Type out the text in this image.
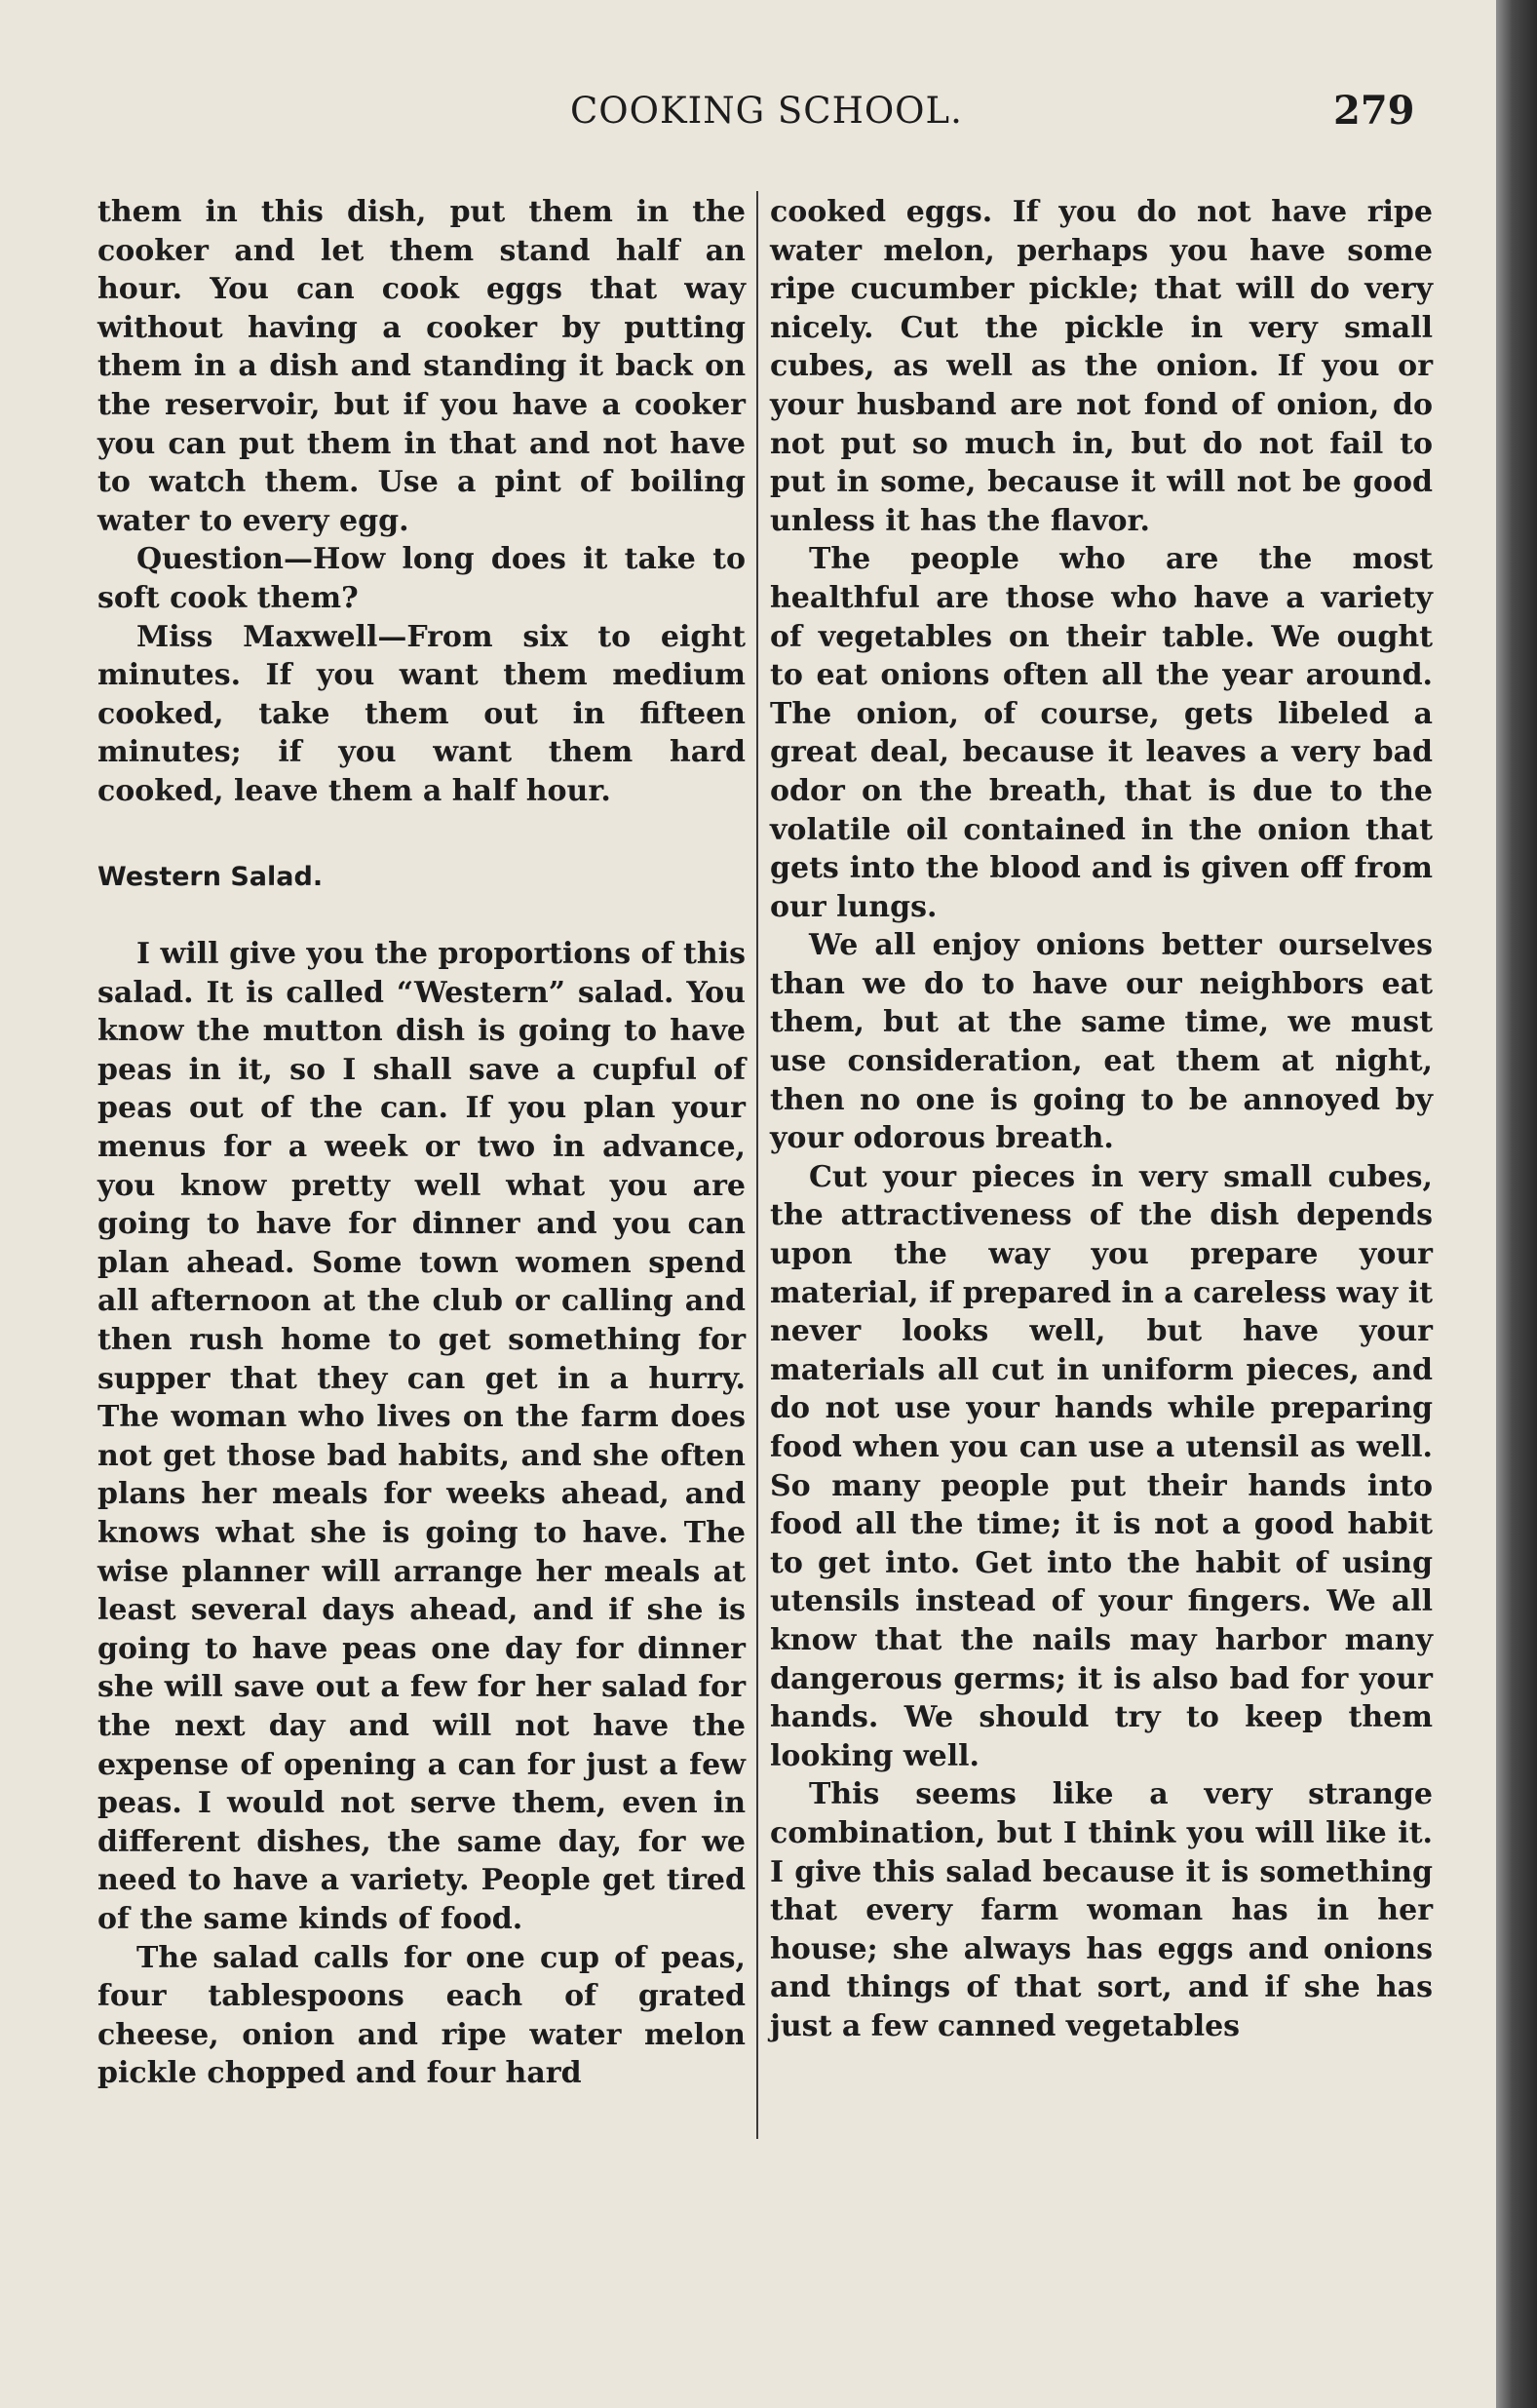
COOKING SCHOOL.	279

them in this dish, put them in the cooker and let them stand half an hour. You can cook eggs that way without having a cooker by putting them in a dish and standing it back on the reservoir, but if you have a cooker you can put them in that and not have to watch them. Use a pint of boiling water to every egg.

Question—How long does it take to soft cook them?

Miss Maxwell—From six to eight minutes. If you want them medium cooked, take them out in fifteen minutes; if you want them hard cooked, leave them a half hour.

Western Salad.

I will give you the proportions of this salad. It is called “Western” salad. You know the mutton dish is going to have peas in it, so I shall save a cupful of peas out of the can. If you plan your menus for a week or two in advance, you know pretty well what you are going to have for dinner and you can plan ahead. Some town women spend all afternoon at the club or calling and then rush home to get something for supper that they can get in a hurry. The woman who lives on the farm does not get those bad habits, and she often plans her meals for weeks ahead, and knows what she is going to have. The wise planner will arrange her meals at least several days ahead, and if she is going to have peas one day for dinner she will save out a few for her salad for the next day and will not have the expense of opening a can for just a few peas. I would not serve them, even in different dishes, the same day, for we need to have a variety. People get tired of the same kinds of food.

The salad calls for one cup of peas, four tablespoons each of grated cheese, onion and ripe water melon pickle chopped and four hard

cooked eggs. If you do not have ripe water melon, perhaps you have some ripe cucumber pickle; that will do very nicely. Cut the pickle in very small cubes, as well as the onion. If you or your husband are not fond of onion, do not put so much in, but do not fail to put in some, because it will not be good unless it has the flavor.

The people who are the most healthful are those who have a variety of vegetables on their table. We ought to eat onions often all the year around. The onion, of course, gets libeled a great deal, because it leaves a very bad odor on the breath, that is due to the volatile oil contained in the onion that gets into the blood and is given off from our lungs.

We all enjoy onions better ourselves than we do to have our neighbors eat them, but at the same time, we must use consideration, eat them at night, then no one is going to be annoyed by your odorous breath.

Cut your pieces in very small cubes, the attractiveness of the dish depends upon the way you prepare your material, if prepared in a careless way it never looks well, but have your materials all cut in uniform pieces, and do not use your hands while preparing food when you can use a utensil as well. So many people put their hands into food all the time; it is not a good habit to get into. Get into the habit of using utensils instead of your fingers. We all know that the nails may harbor many dangerous germs; it is also bad for your hands. We should try to keep them looking well.

This seems like a very strange combination, but I think you will like it. I give this salad because it is something that every farm woman has in her house; she always has eggs and onions and things of that sort, and if she has just a few canned vegetables
